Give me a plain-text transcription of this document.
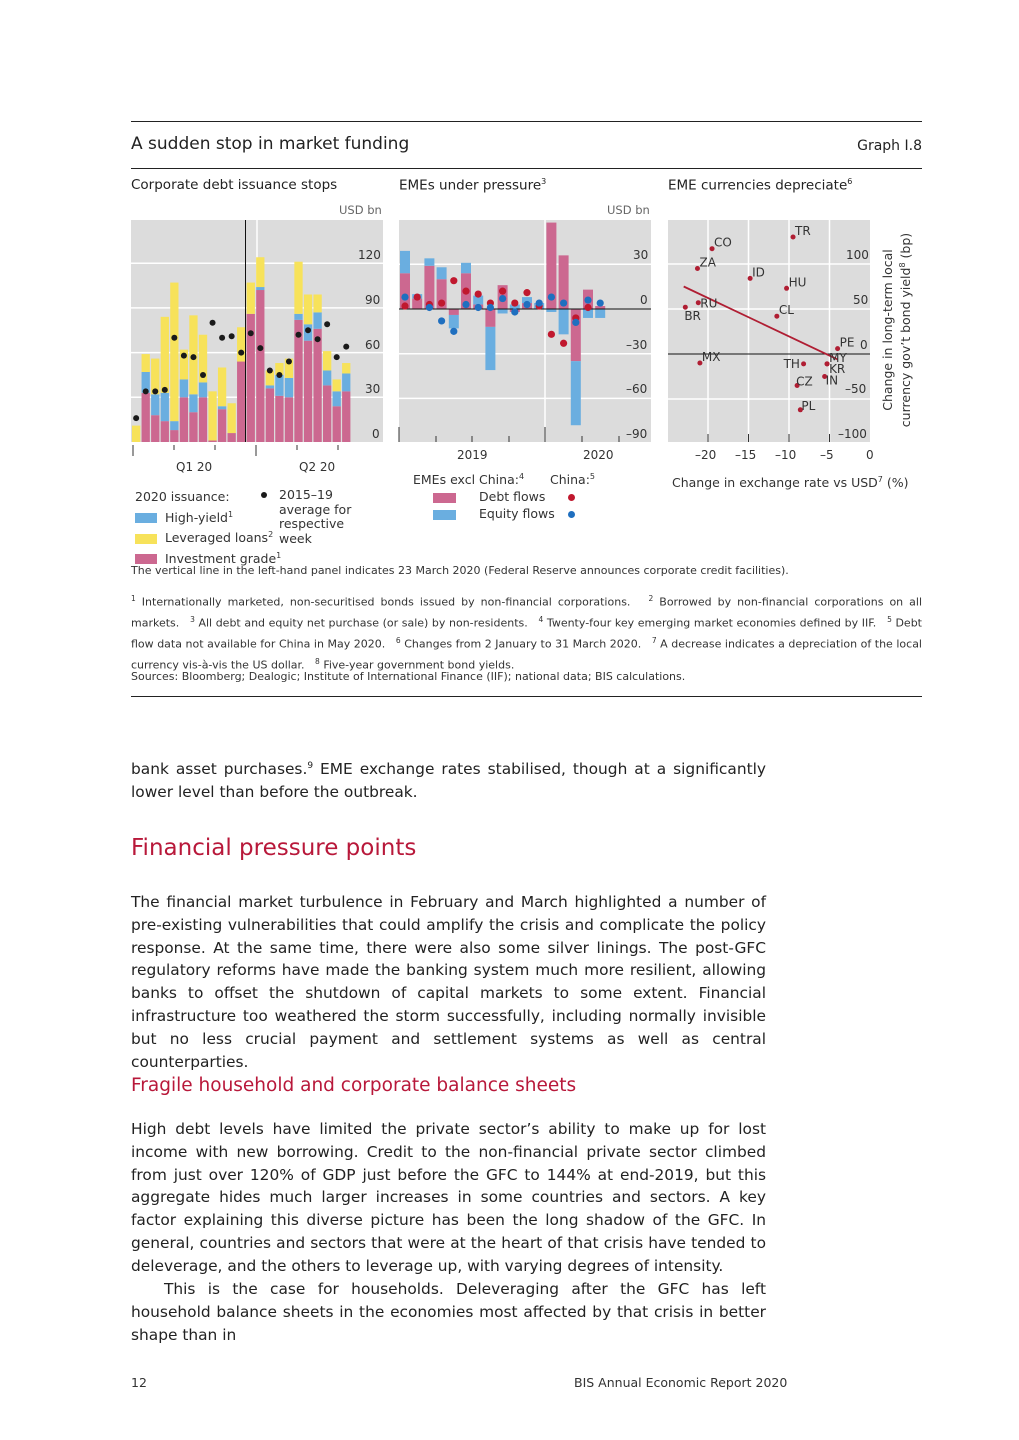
A sudden stop in market funding	Graph I.8
Corporate debt issuance stops	EMEs under pressure$^3$	EME currencies depreciate$^6$
USD bn	USD bn
TR
CO
ZA
ID
HU
RU
BR	CL
PE
MX	TH MY
KR
IN
CZ
PL
120
90
60
30
0
Q1 20	Q2 20
2020 issuance:
High-yield$^1$
Leveraged loans$^2$
Investment grade$^1$
2015–19 average for respective week
30
0
–30
–60
–90
2019	2020
EMEs excl China:$^4$ China:$^5$
Debt flows
Equity flows
100
50
0
–50
–100
–20 –15 –10 –5	0
Change in exchange rate vs USD$^7$ (%)
Change in long-term local currency gov’t bond yield$^8$ (bp)
The vertical line in the left-hand panel indicates 23 March 2020 (Federal Reserve announces corporate credit facilities).
$^1$ Internationally marketed, non-securitised bonds issued by non-financial corporations.   $^2$ Borrowed by non-financial corporations on all markets.   $^3$ All debt and equity net purchase (or sale) by non-residents.   $^4$ Twenty-four key emerging market economies defined by IIF.   $^5$ Debt flow data not available for China in May 2020.   $^6$ Changes from 2 January to 31 March 2020.   $^7$ A decrease indicates a depreciation of the local currency vis-à-vis the US dollar.   $^8$ Five-year government bond yields.
Sources: Bloomberg; Dealogic; Institute of International Finance (IIF); national data; BIS calculations.
bank asset purchases.$^9$ EME exchange rates stabilised, though at a significantly lower level than before the outbreak.
Financial pressure points
The financial market turbulence in February and March highlighted a number of pre-existing vulnerabilities that could amplify the crisis and complicate the policy response. At the same time, there were also some silver linings. The post-GFC regulatory reforms have made the banking system much more resilient, allowing banks to offset the shutdown of capital markets to some extent. Financial infrastructure too weathered the storm successfully, including normally invisible but no less crucial payment and settlement systems as well as central counterparties.
Fragile household and corporate balance sheets
High debt levels have limited the private sector’s ability to make up for lost income with new borrowing. Credit to the non-financial private sector climbed from just over 120% of GDP just before the GFC to 144% at end-2019, but this aggregate hides much larger increases in some countries and sectors. A key factor explaining this diverse picture has been the long shadow of the GFC. In general, countries and sectors that were at the heart of that crisis have tended to deleverage, and the others to leverage up, with varying degrees of intensity.
This is the case for households. Deleveraging after the GFC has left household balance sheets in the economies most affected by that crisis in better shape than in
12	BIS Annual Economic Report 2020
